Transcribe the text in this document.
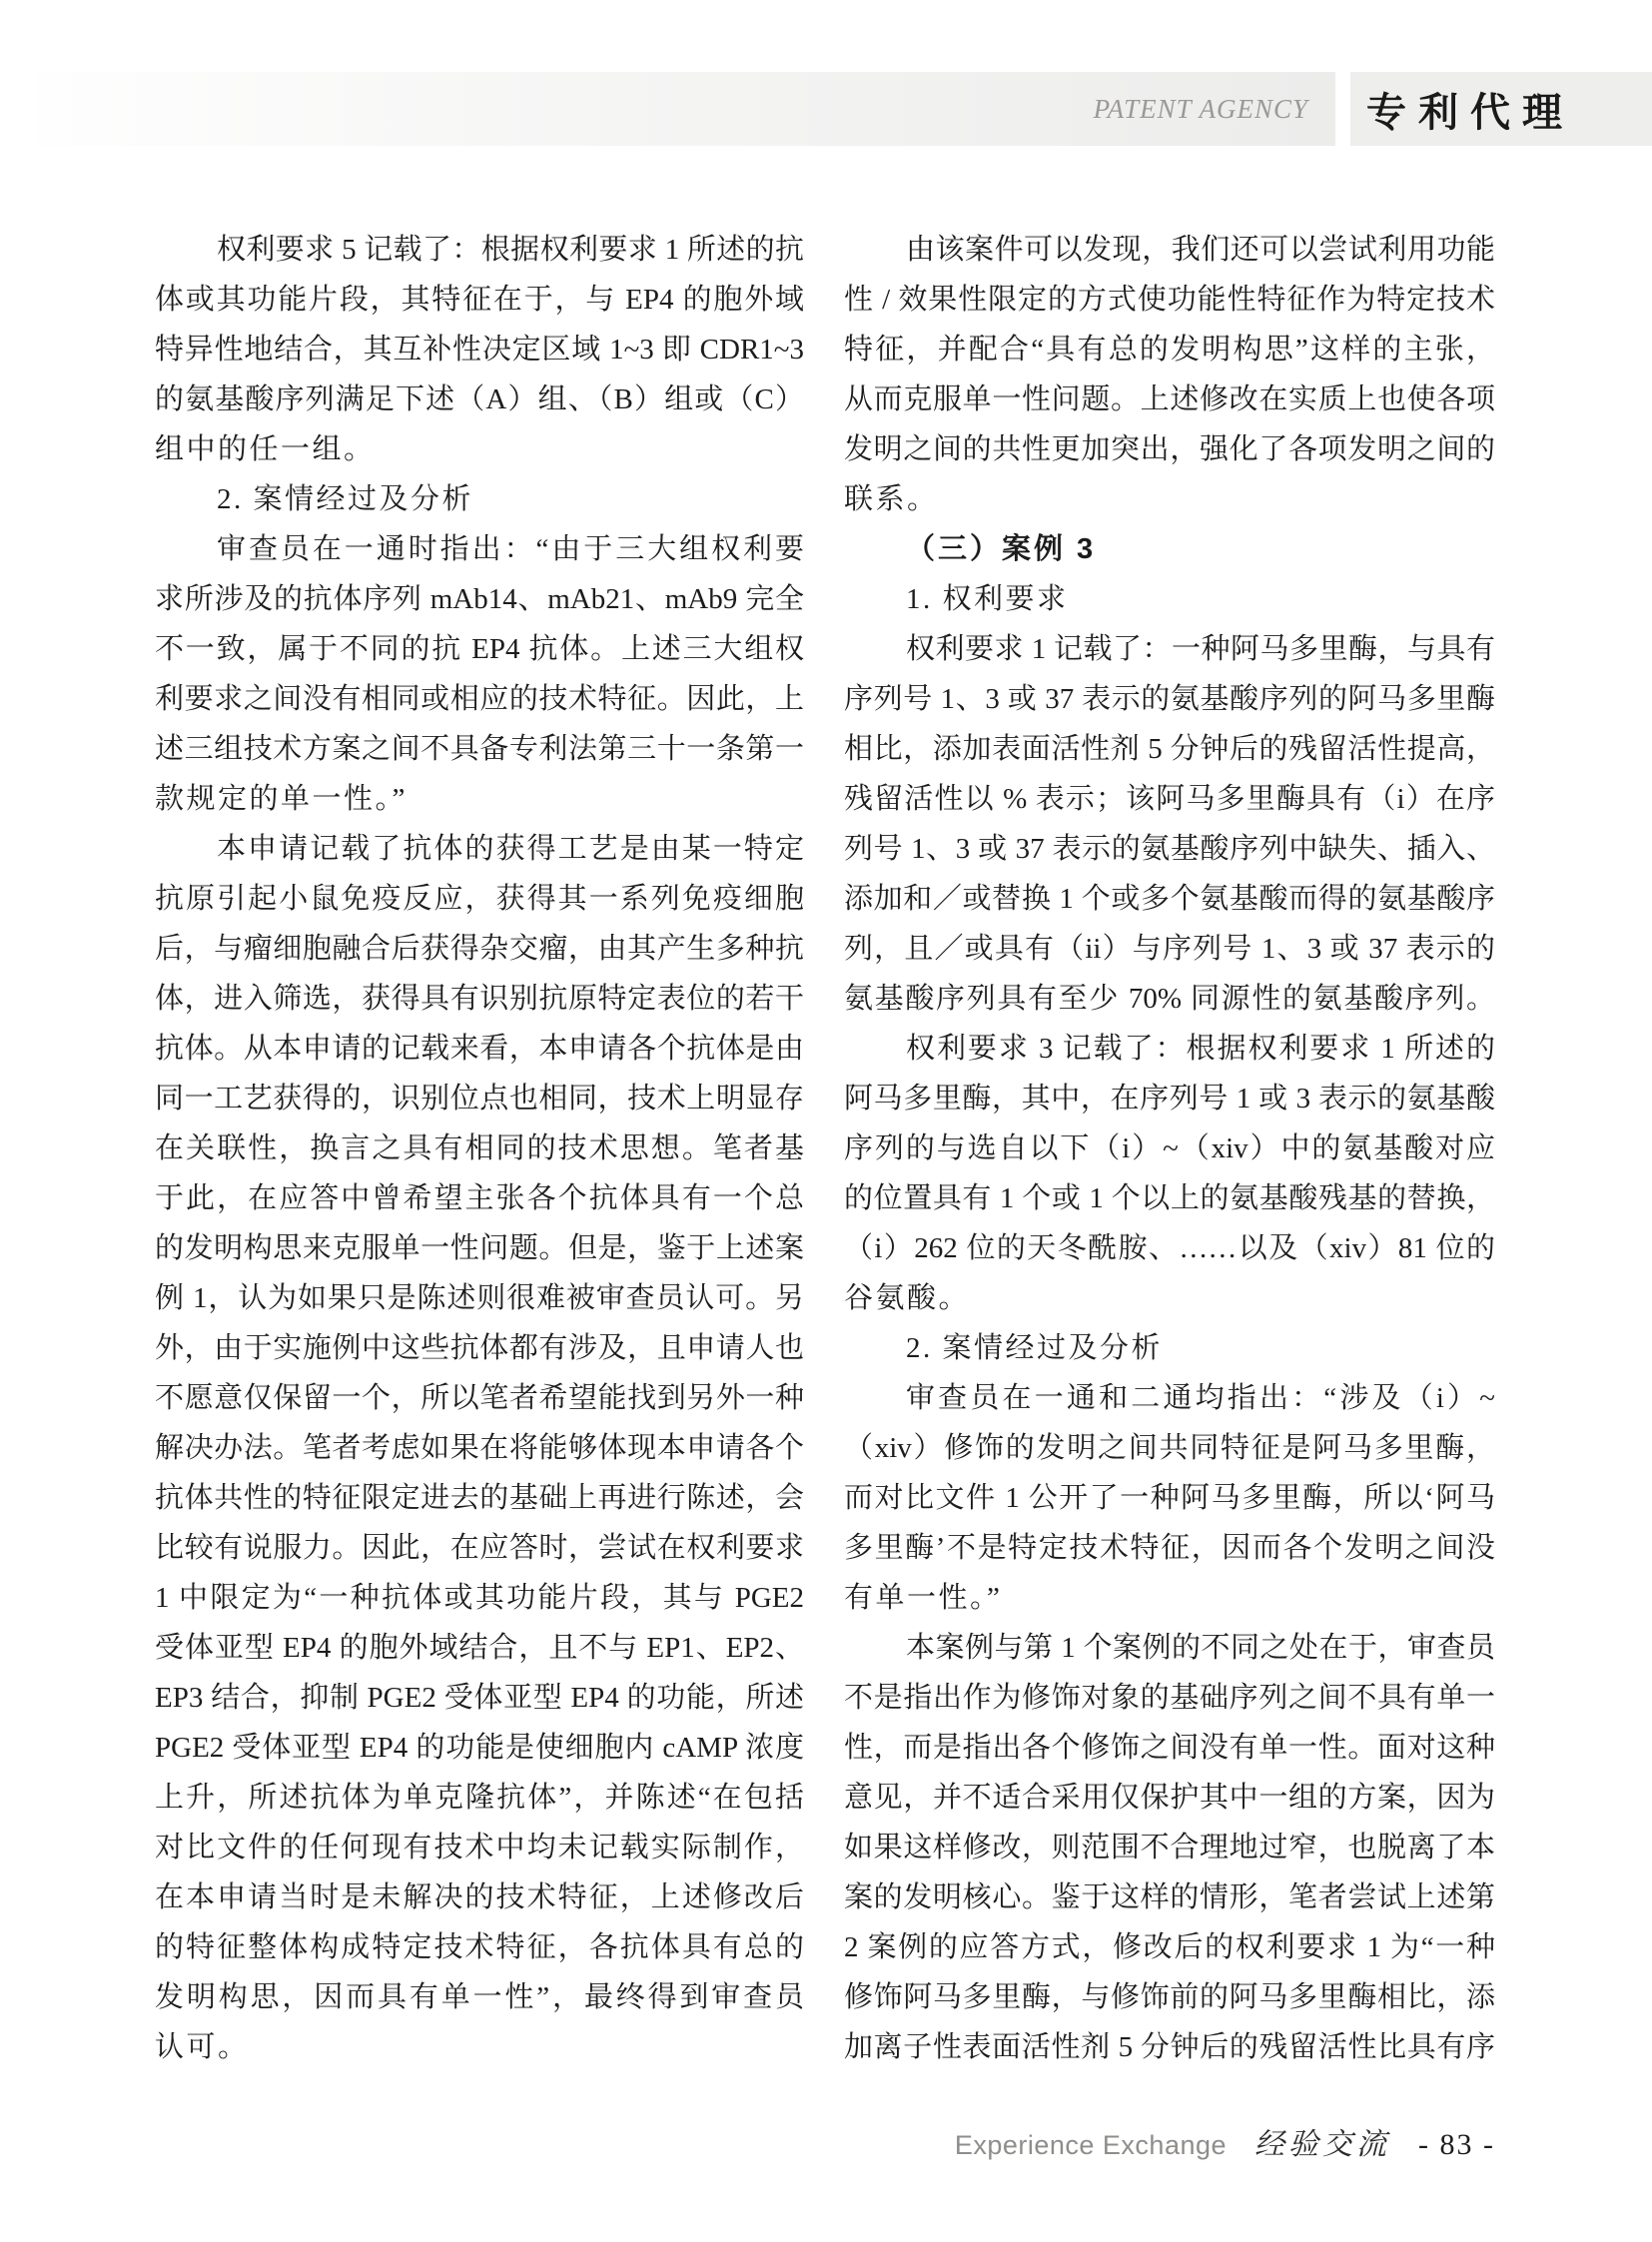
PATENT AGENCY 专利代理
权利要求 5 记载了：根据权利要求 1 所述的抗
体或其功能片段，其特征在于，与 EP4 的胞外域
特异性地结合，其互补性决定区域 1~3 即 CDR1~3
的氨基酸序列满足下述（A）组、（B）组或（C）
组中的任一组。
2. 案情经过及分析
审查员在一通时指出：“由于三大组权利要
求所涉及的抗体序列 mAb14、mAb21、mAb9 完全
不一致，属于不同的抗 EP4 抗体。上述三大组权
利要求之间没有相同或相应的技术特征。因此，上
述三组技术方案之间不具备专利法第三十一条第一
款规定的单一性。”
本申请记载了抗体的获得工艺是由某一特定
抗原引起小鼠免疫反应，获得其一系列免疫细胞
后，与瘤细胞融合后获得杂交瘤，由其产生多种抗
体，进入筛选，获得具有识别抗原特定表位的若干
抗体。从本申请的记载来看，本申请各个抗体是由
同一工艺获得的，识别位点也相同，技术上明显存
在关联性，换言之具有相同的技术思想。笔者基
于此，在应答中曾希望主张各个抗体具有一个总
的发明构思来克服单一性问题。但是，鉴于上述案
例 1，认为如果只是陈述则很难被审查员认可。另
外，由于实施例中这些抗体都有涉及，且申请人也
不愿意仅保留一个，所以笔者希望能找到另外一种
解决办法。笔者考虑如果在将能够体现本申请各个
抗体共性的特征限定进去的基础上再进行陈述，会
比较有说服力。因此，在应答时，尝试在权利要求
1 中限定为“一种抗体或其功能片段，其与 PGE2
受体亚型 EP4 的胞外域结合，且不与 EP1、EP2、
EP3 结合，抑制 PGE2 受体亚型 EP4 的功能，所述
PGE2 受体亚型 EP4 的功能是使细胞内 cAMP 浓度
上升，所述抗体为单克隆抗体”，并陈述“在包括
对比文件的任何现有技术中均未记载实际制作，
在本申请当时是未解决的技术特征，上述修改后
的特征整体构成特定技术特征，各抗体具有总的
发明构思，因而具有单一性”，最终得到审查员
认可。
由该案件可以发现，我们还可以尝试利用功能
性 / 效果性限定的方式使功能性特征作为特定技术
特征，并配合“具有总的发明构思”这样的主张，
从而克服单一性问题。上述修改在实质上也使各项
发明之间的共性更加突出，强化了各项发明之间的
联系。
（三）案例 3
1. 权利要求
权利要求 1 记载了：一种阿马多里酶，与具有
序列号 1、3 或 37 表示的氨基酸序列的阿马多里酶
相比，添加表面活性剂 5 分钟后的残留活性提高，
残留活性以 % 表示；该阿马多里酶具有（i）在序
列号 1、3 或 37 表示的氨基酸序列中缺失、插入、
添加和／或替换 1 个或多个氨基酸而得的氨基酸序
列，且／或具有（ii）与序列号 1、3 或 37 表示的
氨基酸序列具有至少 70% 同源性的氨基酸序列。
权利要求 3 记载了：根据权利要求 1 所述的
阿马多里酶，其中，在序列号 1 或 3 表示的氨基酸
序列的与选自以下（i）~（xiv）中的氨基酸对应
的位置具有 1 个或 1 个以上的氨基酸残基的替换，
（i）262 位的天冬酰胺、……以及（xiv）81 位的
谷氨酸。
2. 案情经过及分析
审查员在一通和二通均指出：“涉及（i）~
（xiv）修饰的发明之间共同特征是阿马多里酶，
而对比文件 1 公开了一种阿马多里酶，所以‘阿马
多里酶’不是特定技术特征，因而各个发明之间没
有单一性。”
本案例与第 1 个案例的不同之处在于，审查员
不是指出作为修饰对象的基础序列之间不具有单一
性，而是指出各个修饰之间没有单一性。面对这种
意见，并不适合采用仅保护其中一组的方案，因为
如果这样修改，则范围不合理地过窄，也脱离了本
案的发明核心。鉴于这样的情形，笔者尝试上述第
2 案例的应答方式，修改后的权利要求 1 为“一种
修饰阿马多里酶，与修饰前的阿马多里酶相比，添
加离子性表面活性剂 5 分钟后的残留活性比具有序
Experience Exchange 经验交流 - 83 -
